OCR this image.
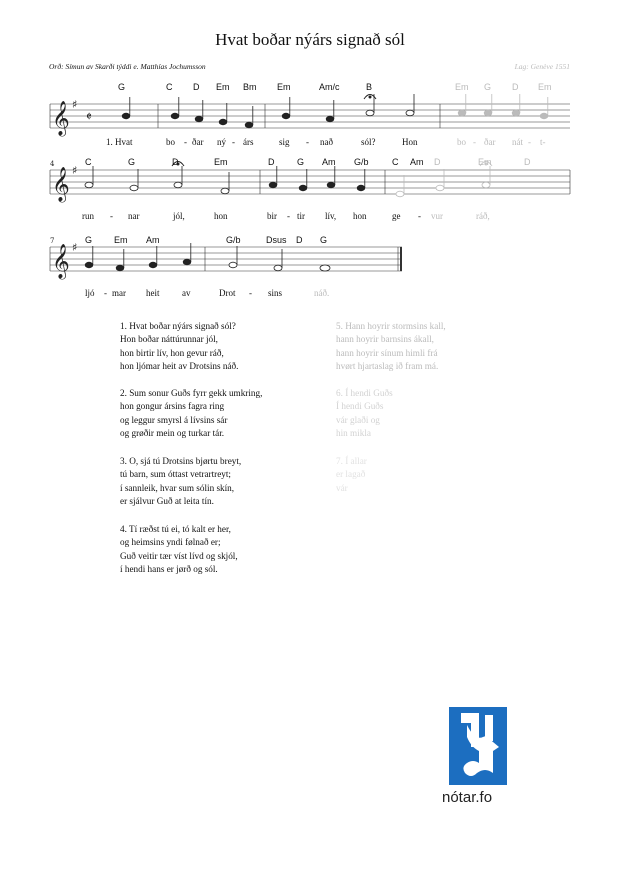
Hvat boðar nýárs signað sól
Orð: Símun av Skarði týddi e. Matthías Jochumsson	Lag: Genève 1551
𝄞
𝄞
𝄞
♯
♯
♯
𝄵
4
7
G	C D Em Bm Em	Am/c	B	Em G D Em
1. Hvat	bo - ðar ný - árs	sig - nað	sól?	Hon	bo - ðar nát - t-
C	G	D	Em	D	G Am G/b	C Am D	Em	D
run - nar	jól,	hon	bir - tir lív, hon	ge - vur	ráð,
G Em Am	G/b	Dsus D G
ljó - mar heit	av	Drot - sins	náð.
1. Hvat boðar nýárs signað sól?
Hon boðar náttúrunnar jól,
hon birtir lív, hon gevur ráð,
hon ljómar heit av Drotsins náð.
2. Sum sonur Guðs fyrr gekk umkring,
hon gongur ársins fagra ring
og leggur smyrsl á lívsins sár
og grøðir mein og turkar tár.
3. O, sjá tú Drotsins bjørtu breyt,
tú barn, sum óttast vetrartreyt;
í sannleik, hvar sum sólin skín,
er sjálvur Guð at leita tín.
4. Tí ræðst tú ei, tó kalt er her,
og heimsins yndi følnað er;
Guð veitir tær víst lívd og skjól,
í hendi hans er jørð og sól.
5. Hann hoyrir stormsins kall,
hann hoyrir barnsins ákall,
hann hoyrir sínum himli frá
hvørt hjartaslag ið fram má.
6. Í hendi Guðs
Í hendi Guðs
vár glaði og
hin mikla
7. Í allar
er lagað
vár
nótar.fo
